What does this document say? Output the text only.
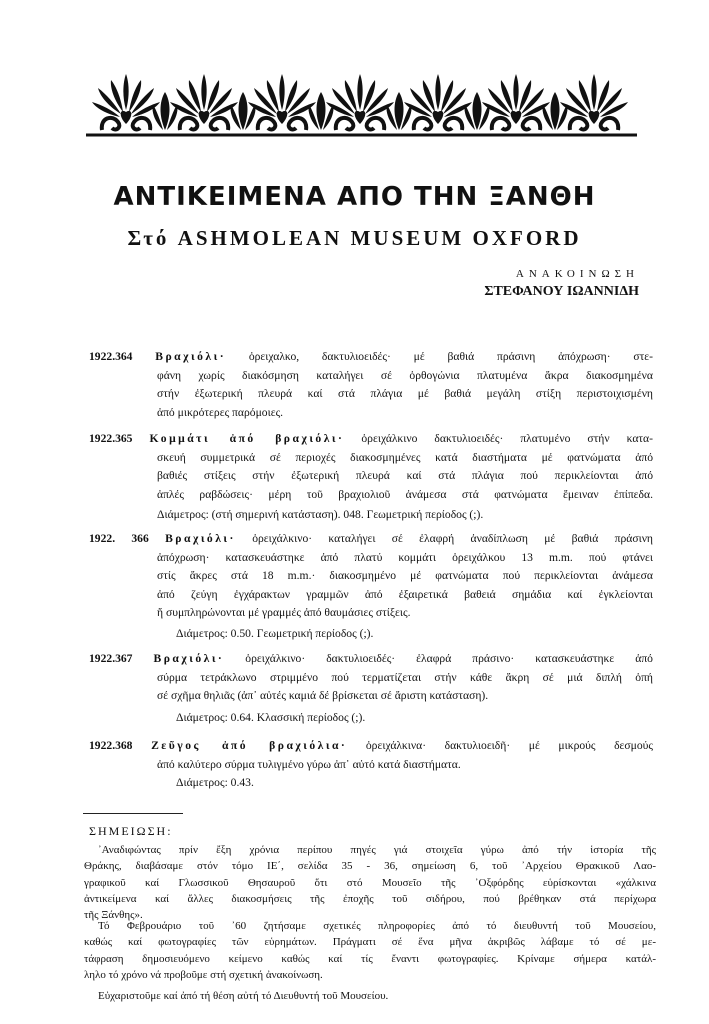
ΑΝΤΙΚΕΙΜΕΝΑ ΑΠΟ ΤΗΝ ΞΑΝΘΗ
Στό ASHMOLEAN MUSEUM OXFORD
ΑΝΑΚΟΙΝΩΣΗ
ΣΤΕΦΑΝΟΥ ΙΩΑΝΝΙΔΗ
1922.364 Βραχιόλι· ὀρειχαλκο, δακτυλιοειδές· μέ βαθιά πράσινη ἀπόχρωση· στε-
φάνη χωρίς διακόσμηση καταλήγει σέ ὀρθογώνια πλατυμένα ἄκρα διακοσμημένα
στήν ἐξωτερική πλευρά καί στά πλάγια μέ βαθιά μεγάλη στίξη περιστοιχισμένη
ἀπό μικρότερες παρόμοιες.
1922.365 Κομμάτι ἀπό βραχιόλι· ὀρειχάλκινο δακτυλιοειδές· πλατυμένο στήν κατα-
σκευή συμμετρικά σέ περιοχές διακοσμημένες κατά διαστήματα μέ φατνώματα ἀπό
βαθιές στίξεις στήν ἐξωτερική πλευρά καί στά πλάγια πού περικλείονται ἀπό
ἁπλές ραβδώσεις· μέρη τοῦ βραχιολιοῦ ἀνάμεσα στά φατνώματα ἔμειναν ἐπίπεδα.
Διάμετρος: (στή σημερινή κατάσταση). 048. Γεωμετρική περίοδος (;).
1922. 366 Βραχιόλι· ὀρειχάλκινο· καταλήγει σέ ἐλαφρή ἀναδίπλωση μέ βαθιά πράσινη
ἀπόχρωση· κατασκευάστηκε ἀπό πλατύ κομμάτι ὀρειχάλκου 13 m.m. πού φτάνει
στίς ἄκρες στά 18 m.m.· διακοσμημένο μέ φατνώματα πού περικλείονται ἀνάμεσα
ἀπό ζεύγη ἐγχάρακτων γραμμῶν ἀπό ἐξαιρετικά βαθειά σημάδια καί ἐγκλείονται
ἤ συμπληρώνονται μέ γραμμές ἀπό θαυμάσιες στίξεις.
Διάμετρος: 0.50. Γεωμετρική περίοδος (;).
1922.367 Βραχιόλι· ὀρειχάλκινο· δακτυλιοειδές· ἐλαφρά πράσινο· κατασκευάστηκε ἀπό
σύρμα τετράκλωνο στριμμένο πού τερματίζεται στήν κάθε ἄκρη σέ μιά διπλή ὀπή
σέ σχῆμα θηλιᾶς (ἀπ᾽ αὐτές καμιά δέ βρίσκεται σέ ἄριστη κατάσταση).
Διάμετρος: 0.64. Κλασσική περίοδος (;).
1922.368 Ζεῦγος ἀπό βραχιόλια· ὀρειχάλκινα· δακτυλιοειδῆ· μέ μικρούς δεσμούς
ἀπό καλύτερο σύρμα τυλιγμένο γύρω ἀπ᾽ αὐτό κατά διαστήματα.
Διάμετρος: 0.43.
ΣΗΜΕΙΩΣΗ:
᾽Αναδιφώντας πρίν ἔξη χρόνια περίπου πηγές γιά στοιχεῖα γύρω ἀπό τήν ἱστορία τῆς
Θράκης, διαβάσαμε στόν τόμο ΙΕ΄, σελίδα 35 - 36, σημείωση 6, τοῦ ᾽Αρχείου Θρακικοῦ Λαο-
γραφικοῦ καί Γλωσσικοῦ Θησαυροῦ ὅτι στό Μουσεῖο τῆς ᾽Οξφόρδης εὑρίσκονται «χάλκινα
ἀντικείμενα καί ἄλλες διακοσμήσεις τῆς ἐποχῆς τοῦ σιδήρου, πού βρέθηκαν στά περίχωρα
τῆς Ξάνθης».
Τό Φεβρουάριο τοῦ ᾽60 ζητήσαμε σχετικές πληροφορίες ἀπό τό διευθυντή τοῦ Μουσείου,
καθώς καί φωτογραφίες τῶν εὑρημάτων. Πράγματι σέ ἕνα μῆνα ἀκριβῶς λάβαμε τό σέ με-
τάφραση δημοσιευόμενο κείμενο καθώς καί τίς ἔναντι φωτογραφίες. Κρίναμε σήμερα κατάλ-
ληλο τό χρόνο νά προβοῦμε στή σχετική ἀνακοίνωση.
Εὐχαριστοῦμε καί ἀπό τή θέση αὐτή τό Διευθυντή τοῦ Μουσείου.
